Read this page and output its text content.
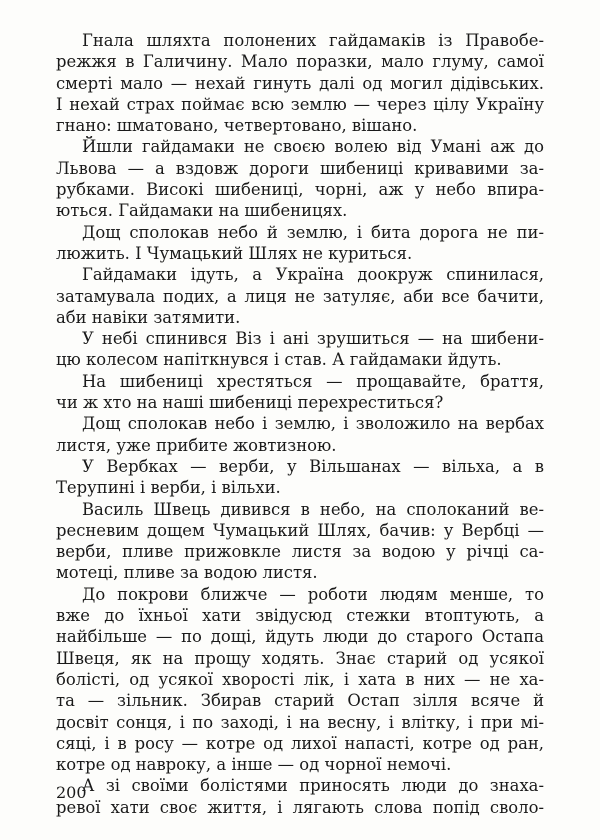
Гнала шляхта полонених гайдамаків із Правобе-
режжя в Галичину. Мало поразки, мало глуму, самої
смерті мало — нехай гинуть далі од могил дідівських.
І нехай страх поймає всю землю — через цілу Україну
гнано: шматовано, четвертовано, вішано.
Йшли гайдамаки не своєю волею від Умані аж до
Львова — а вздовж дороги шибениці кривавими за-
рубками. Високі шибениці, чорні, аж у небо впира-
ються. Гайдамаки на шибеницях.
Дощ сполокав небо й землю, і бита дорога не пи-
люжить. І Чумацький Шлях не куриться.
Гайдамаки ідуть, а Україна доокруж спинилася,
затамувала подих, а лиця не затуляє, аби все бачити,
аби навіки затямити.
У небі спинився Віз і ані зрушиться — на шибени-
цю колесом напіткнувся і став. А гайдамаки йдуть.
На шибениці хрестяться — прощавайте, браття,
чи ж хто на наші шибениці перехреститься?
Дощ сполокав небо і землю, і зволожило на вербах
листя, уже прибите жовтизною.
У Вербках — верби, у Вільшанах — вільха, а в
Терупині і верби, і вільхи.
Василь Швець дивився в небо, на сполоканий ве-
ресневим дощем Чумацький Шлях, бачив: у Вербці —
верби, пливе прижовкле листя за водою у річці са-
мотеці, пливе за водою листя.
До покрови ближче — роботи людям менше, то
вже до їхньої хати звідусюд стежки втоптують, а
найбільше — по дощі, йдуть люди до старого Остапа
Швеця, як на прощу ходять. Знає старий од усякої
болісті, од усякої хворості лік, і хата в них — не ха-
та — зільник. Збирав старий Остап зілля всяче й
досвіт сонця, і по заході, і на весну, і влітку, і при мі-
сяці, і в росу — котре од лихої напасті, котре од ран,
котре од навроку, а інше — од чорної немочі.
А зі своїми болістями приносять люди до знаха-
ревої хати своє життя, і лягають слова попід своло-
200
